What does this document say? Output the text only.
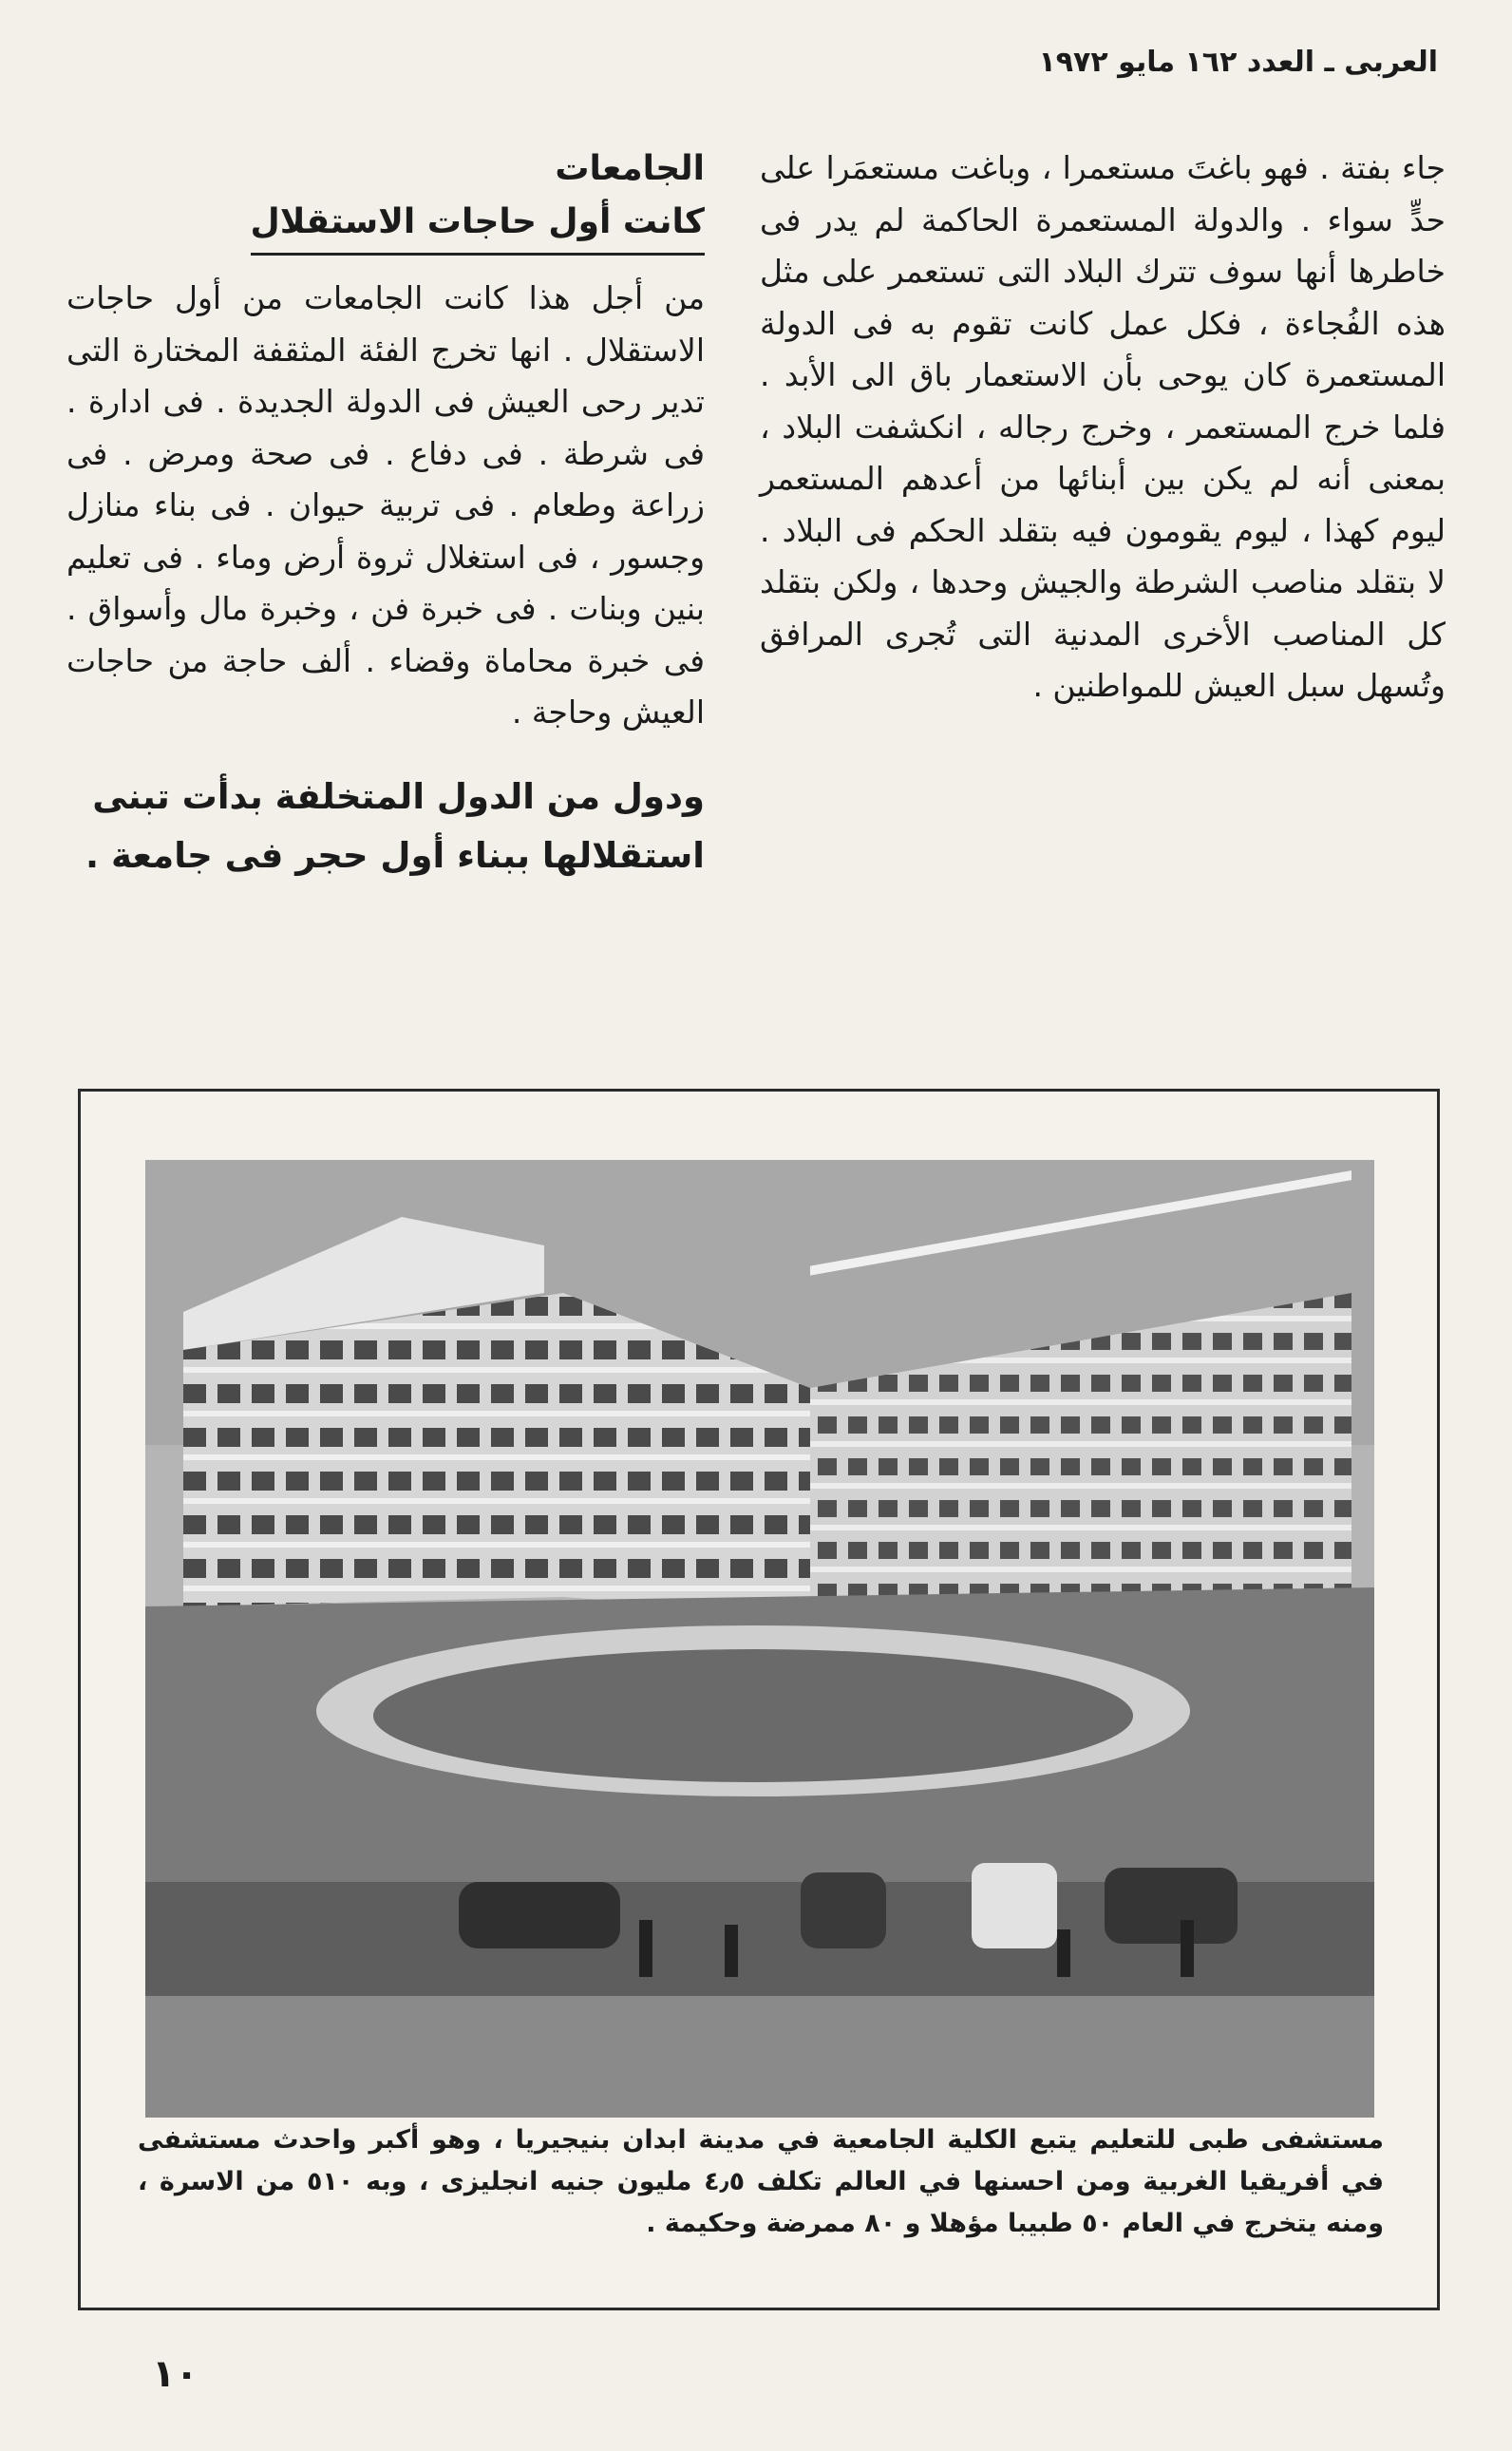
العربى ـ العدد ١٦٢ مايو ١٩٧٢
جاء بفتة . فهو باغتَ مستعمرا ، وباغت مستعمَرا على حدٍّ سواء . والدولة المستعمرة الحاكمة لم يدر فى خاطرها أنها سوف تترك البلاد التى تستعمر على مثل هذه الفُجاءة ، فكل عمل كانت تقوم به فى الدولة المستعمرة كان يوحى بأن الاستعمار باق الى الأبد . فلما خرج المستعمر ، وخرج رجاله ، انكشفت البلاد ، بمعنى أنه لم يكن بين أبنائها من أعدهم المستعمر ليوم كهذا ، ليوم يقومون فيه بتقلد الحكم فى البلاد . لا بتقلد مناصب الشرطة والجيش وحدها ، ولكن بتقلد كل المناصب الأخرى المدنية التى تُجرى المرافق وتُسهل سبل العيش للمواطنين .
الجامعات
كانت أول حاجات الاستقلال
من أجل هذا كانت الجامعات من أول حاجات الاستقلال . انها تخرج الفئة المثقفة المختارة التى تدير رحى العيش فى الدولة الجديدة . فى ادارة . فى شرطة . فى دفاع . فى صحة ومرض . فى زراعة وطعام . فى تربية حيوان . فى بناء منازل وجسور ، فى استغلال ثروة أرض وماء . فى تعليم بنين وبنات . فى خبرة فن ، وخبرة مال وأسواق . فى خبرة محاماة وقضاء . ألف حاجة من حاجات العيش وحاجة .
ودول من الدول المتخلفة بدأت تبنى استقلالها ببناء أول حجر فى جامعة .
مستشفى طبى للتعليم يتبع الكلية الجامعية في مدينة ابدان بنيجيريا ، وهو أكبر واحدث مستشفى في أفريقيا الغربية ومن احسنها في العالم تكلف ٤٫٥ مليون جنيه انجليزى ، وبه ٥١٠ من الاسرة ، ومنه يتخرج في العام ٥٠ طبيبا مؤهلا و ٨٠ ممرضة وحكيمة .
١٠
